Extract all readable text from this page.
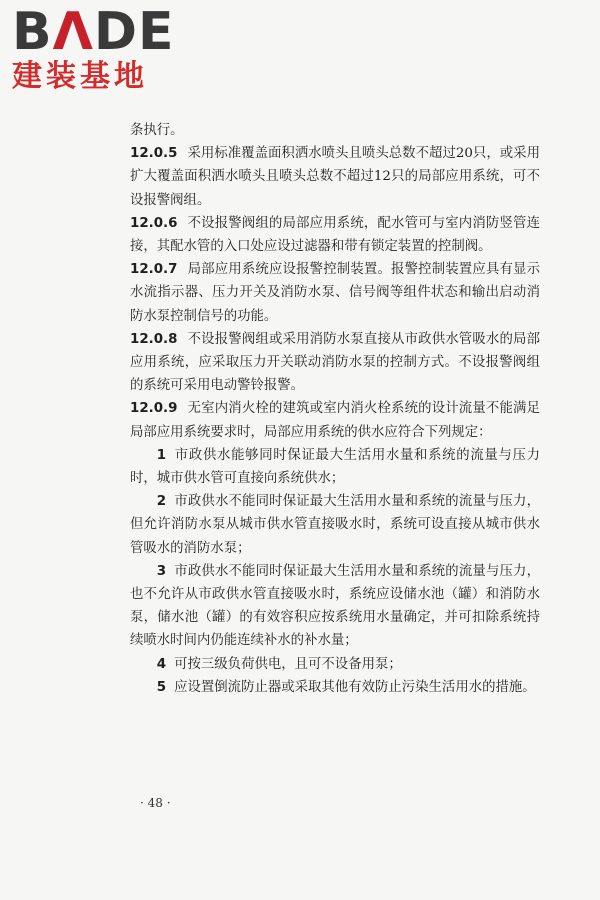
BΛDE
建装基地

条执行。

12.0.5 采用标准覆盖面积洒水喷头且喷头总数不超过20只，或采用扩大覆盖面积洒水喷头且喷头总数不超过12只的局部应用系统，可不设报警阀组。

12.0.6 不设报警阀组的局部应用系统，配水管可与室内消防竖管连接，其配水管的入口处应设过滤器和带有锁定装置的控制阀。

12.0.7 局部应用系统应设报警控制装置。报警控制装置应具有显示水流指示器、压力开关及消防水泵、信号阀等组件状态和输出启动消防水泵控制信号的功能。

12.0.8 不设报警阀组或采用消防水泵直接从市政供水管吸水的局部应用系统，应采取压力开关联动消防水泵的控制方式。不设报警阀组的系统可采用电动警铃报警。

12.0.9 无室内消火栓的建筑或室内消火栓系统的设计流量不能满足局部应用系统要求时，局部应用系统的供水应符合下列规定：

1 市政供水能够同时保证最大生活用水量和系统的流量与压力时，城市供水管可直接向系统供水；

2 市政供水不能同时保证最大生活用水量和系统的流量与压力，但允许消防水泵从城市供水管直接吸水时，系统可设直接从城市供水管吸水的消防水泵；

3 市政供水不能同时保证最大生活用水量和系统的流量与压力，也不允许从市政供水管直接吸水时，系统应设储水池（罐）和消防水泵，储水池（罐）的有效容积应按系统用水量确定，并可扣除系统持续喷水时间内仍能连续补水的补水量；

4 可按三级负荷供电，且可不设备用泵；

5 应设置倒流防止器或采取其他有效防止污染生活用水的措施。

· 48 ·
